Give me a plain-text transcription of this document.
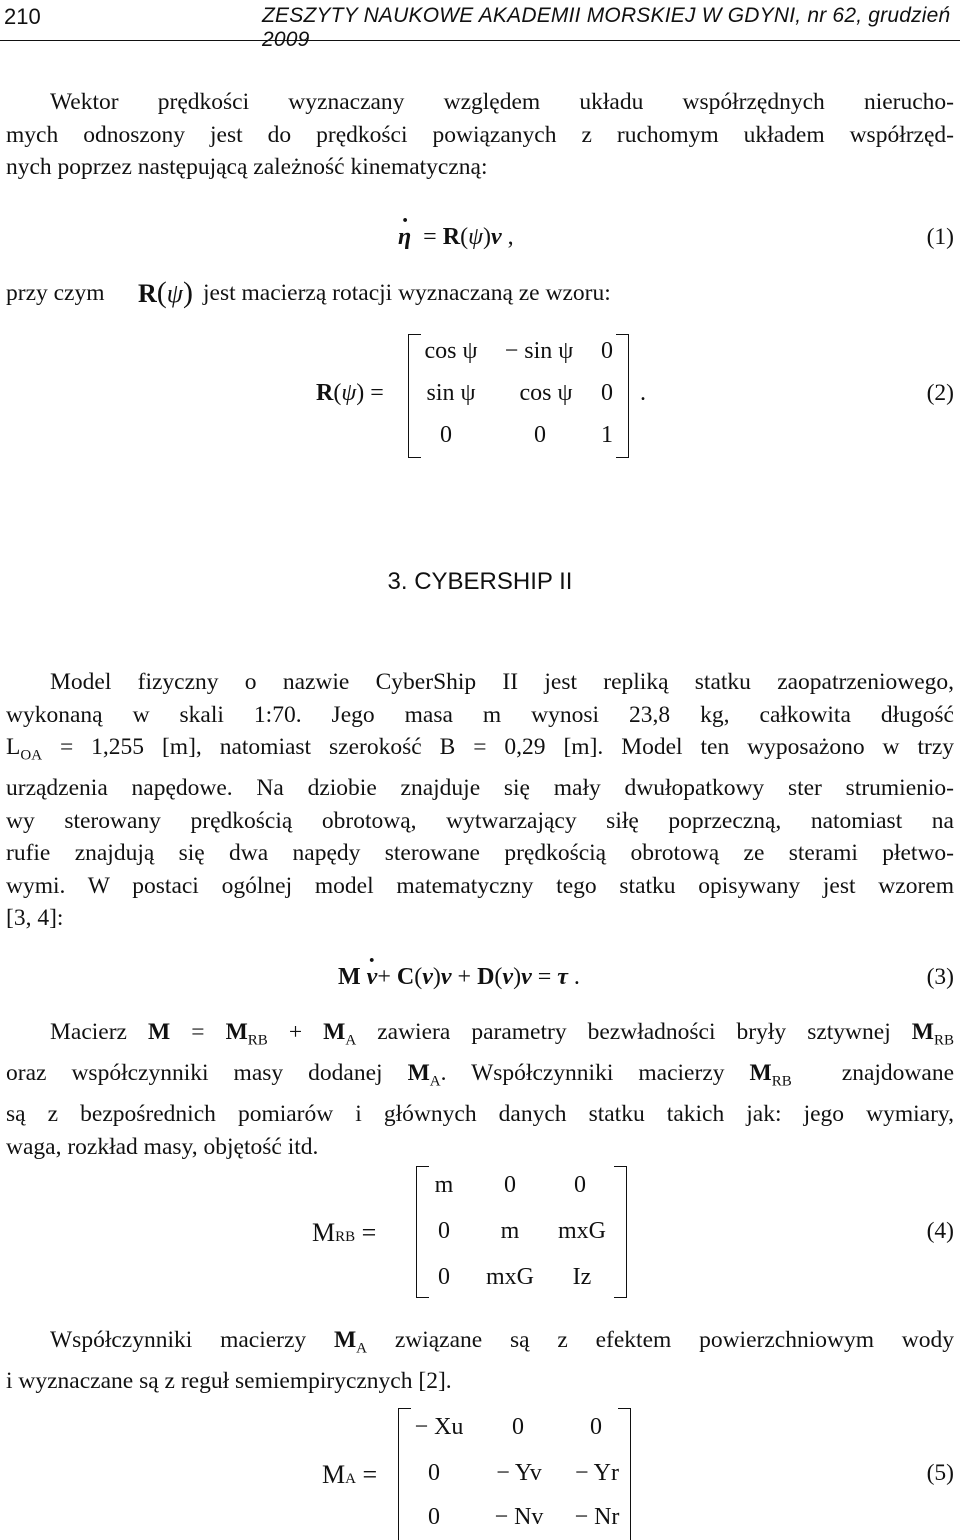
210	ZESZYTY NAUKOWE AKADEMII MORSKIEJ W GDYNI, nr 62, grudzień 2009
Wektor prędkości wyznaczany względem układu współrzędnych nierucho-
mych odnoszony jest do prędkości powiązanych z ruchomym układem współrzęd-
nych poprzez następującą zależność kinematyczną:
η
.
= R(ψ)v ,	(1)
przy czym R(ψ) jest macierzą rotacji wyznaczaną ze wzoru:
R(ψ) =
cos ψ	− sin ψ	0
sin ψ	cos ψ	0
0	0	1
.	(2)
3. CYBERSHIP II
Model fizyczny o nazwie CyberShip II jest repliką statku zaopatrzeniowego,
wykonaną w skali 1:70. Jego masa m wynosi 23,8 kg, całkowita długość
$L_{OA} = 1,255$ [m], natomiast szerokość B = 0,29 [m]. Model ten wyposażono w trzy
urządzenia napędowe. Na dziobie znajduje się mały dwułopatkowy ster strumienio-
wy sterowany prędkością obrotową, wytwarzający siłę poprzeczną, natomiast na
rufie znajdują się dwa napędy sterowane prędkością obrotową ze sterami płetwo-
wymi. W postaci ogólnej model matematyczny tego statku opisywany jest wzorem
[3, 4]:
M v
.
+ C(v)v + D(v)v = τ .	(3)
Macierz $M = M_{RB} + M_A$ zawiera parametry bezwładności bryły sztywnej $M_{RB}$
oraz współczynniki masy dodanej $M_A$. Współczynniki macierzy $M_{RB}$ znajdowane
są z bezpośrednich pomiarów i głównych danych statku takich jak: jego wymiary,
waga, rozkład masy, objętość itd.
MRB =
m	0	0
0	m	mxG
0	mxG	Iz
(4)
Współczynniki macierzy $M_A$ związane są z efektem powierzchniowym wody
i wyznaczane są z reguł semiempirycznych [2].
MA =
− Xu	0	0
0	− Yv	− Yr
0	− Nv	− Nr
(5)
